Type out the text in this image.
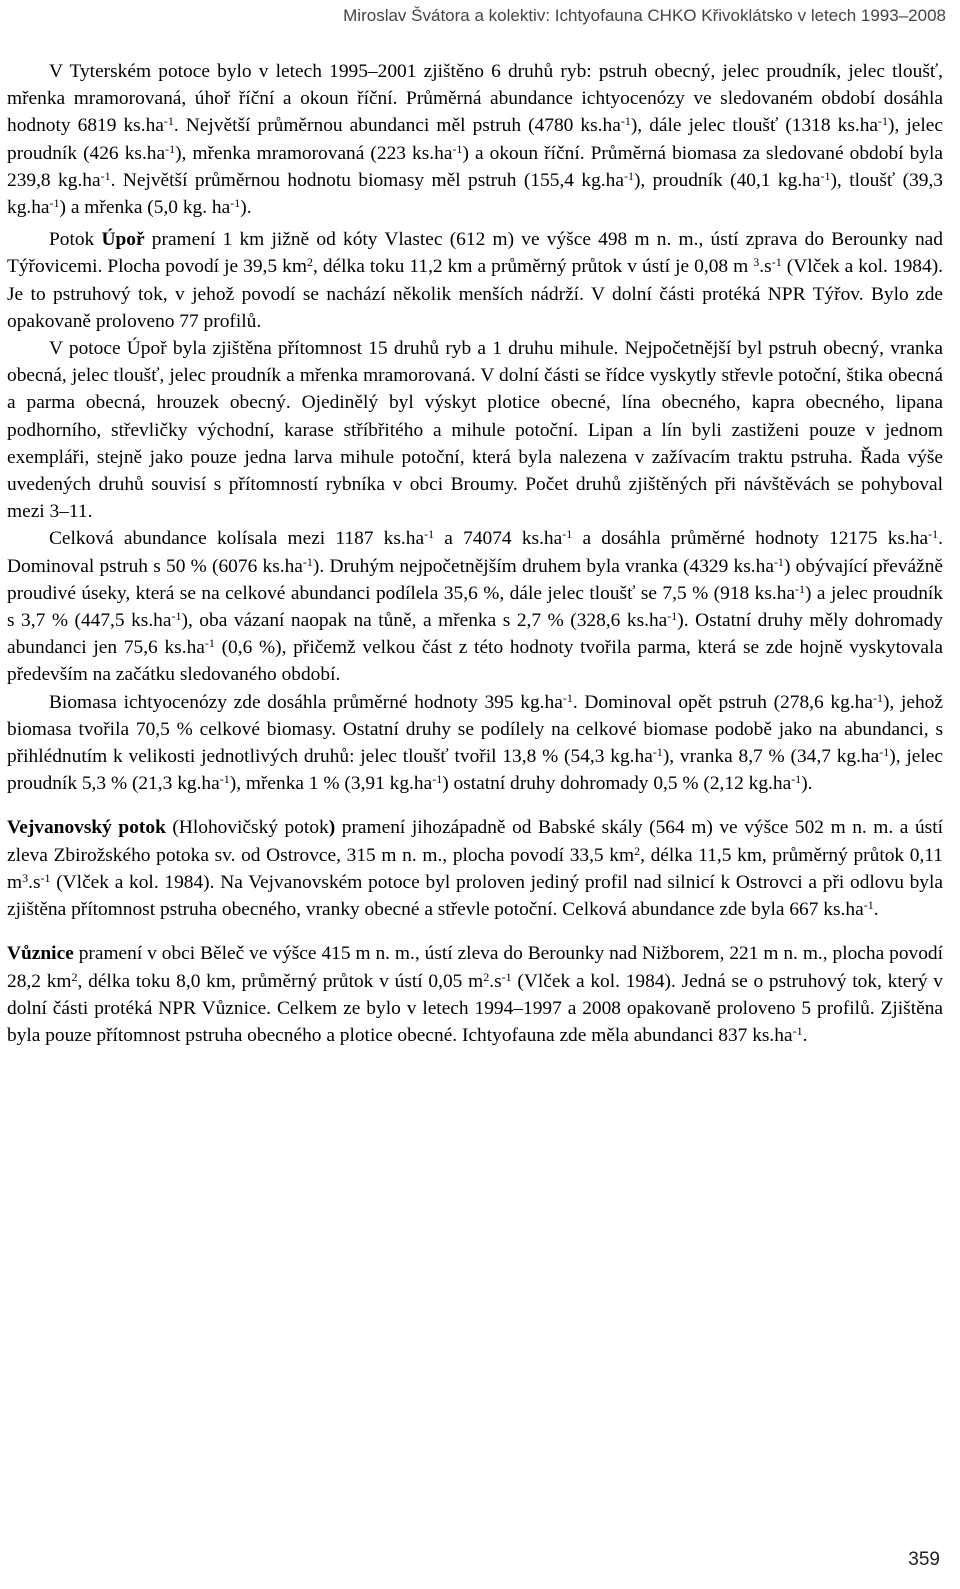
Miroslav Švátora a kolektiv: Ichtyofauna CHKO Křivoklátsko v letech 1993–2008

V Tyterském potoce bylo v letech 1995–2001 zjištěno 6 druhů ryb: pstruh obecný, jelec proudník, jelec tloušť, mřenka mramorovaná, úhoř říční a okoun říční. Průměrná abundance ichtyocenózy ve sledovaném období dosáhla hodnoty 6819 $ks.ha^{-1}$. Největší průměrnou abundanci měl pstruh (4780 $ks.ha^{-1}$), dále jelec tloušť (1318 $ks.ha^{-1}$), jelec proudník (426 $ks.ha^{-1}$), mřenka mramorovaná (223 $ks.ha^{-1}$) a okoun říční. Průměrná biomasa za sledované období byla 239,8 $kg.ha^{-1}$. Největší průměrnou hodnotu biomasy měl pstruh (155,4 $kg.ha^{-1}$), proudník (40,1 $kg.ha^{-1}$), tloušť (39,3 $kg.ha^{-1}$) a mřenka (5,0 kg. $ha^{-1}$).

Potok Úpoř pramení 1 km jižně od kóty Vlastec (612 m) ve výšce 498 m n. m., ústí zprava do Berounky nad Týřovicemi. Plocha povodí je 39,5 $km^2$, délka toku 11,2 km a průměrný průtok v ústí je 0,08 m $^3.s^{-1}$ (Vlček a kol. 1984). Je to pstruhový tok, v jehož povodí se nachází několik menších nádrží. V dolní části protéká NPR Týřov. Bylo zde opakovaně proloveno 77 profilů.

V potoce Úpoř byla zjištěna přítomnost 15 druhů ryb a 1 druhu mihule. Nejpočetnější byl pstruh obecný, vranka obecná, jelec tloušť, jelec proudník a mřenka mramorovaná. V dolní části se řídce vyskytly střevle potoční, štika obecná a parma obecná, hrouzek obecný. Ojedinělý byl výskyt plotice obecné, lína obecného, kapra obecného, lipana podhorního, střevličky východní, karase stříbřitého a mihule potoční. Lipan a lín byli zastiženi pouze v jednom exempláři, stejně jako pouze jedna larva mihule potoční, která byla nalezena v zažívacím traktu pstruha. Řada výše uvedených druhů souvisí s přítomností rybníka v obci Broumy. Počet druhů zjištěných při návštěvách se pohyboval mezi 3–11.

Celková abundance kolísala mezi 1187 $ks.ha^{-1}$ a 74074 $ks.ha^{-1}$ a dosáhla průměrné hodnoty 12175 $ks.ha^{-1}$. Dominoval pstruh s 50 % (6076 $ks.ha^{-1}$). Druhým nejpočetnějším druhem byla vranka (4329 $ks.ha^{-1}$) obývající převážně proudivé úseky, která se na celkové abundanci podílela 35,6 %, dále jelec tloušť se 7,5 % (918 $ks.ha^{-1}$) a jelec proudník s 3,7 % (447,5 $ks.ha^{-1}$), oba vázaní naopak na tůně, a mřenka s 2,7 % (328,6 $ks.ha^{-1}$). Ostatní druhy měly dohromady abundanci jen 75,6 $ks.ha^{-1}$ (0,6 %), přičemž velkou část z této hodnoty tvořila parma, která se zde hojně vyskytovala především na začátku sledovaného období.

Biomasa ichtyocenózy zde dosáhla průměrné hodnoty 395 $kg.ha^{-1}$. Dominoval opět pstruh (278,6 $kg.ha^{-1}$), jehož biomasa tvořila 70,5 % celkové biomasy. Ostatní druhy se podílely na celkové biomase podobě jako na abundanci, s přihlédnutím k velikosti jednotlivých druhů: jelec tloušť tvořil 13,8 % (54,3 $kg.ha^{-1}$), vranka 8,7 % (34,7 $kg.ha^{-1}$), jelec proudník 5,3 % (21,3 $kg.ha^{-1}$), mřenka 1 % (3,91 $kg.ha^{-1}$) ostatní druhy dohromady 0,5 % (2,12 $kg.ha^{-1}$).

Vejvanovský potok (Hlohovičský potok) pramení jihozápadně od Babské skály (564 m) ve výšce 502 m n. m. a ústí zleva Zbirožského potoka sv. od Ostrovce, 315 m n. m., plocha povodí 33,5 $km^2$, délka 11,5 km, průměrný průtok 0,11 $m^3.s^{-1}$ (Vlček a kol. 1984). Na Vejvanovském potoce byl proloven jediný profil nad silnicí k Ostrovci a při odlovu byla zjištěna přítomnost pstruha obecného, vranky obecné a střevle potoční. Celková abundance zde byla 667 $ks.ha^{-1}$.

Vůznice pramení v obci Běleč ve výšce 415 m n. m., ústí zleva do Berounky nad Nižborem, 221 m n. m., plocha povodí 28,2 $km^2$, délka toku 8,0 km, průměrný průtok v ústí 0,05 $m^2.s^{-1}$ (Vlček a kol. 1984). Jedná se o pstruhový tok, který v dolní části protéká NPR Vůznice. Celkem ze bylo v letech 1994–1997 a 2008 opakovaně proloveno 5 profilů. Zjištěna byla pouze přítomnost pstruha obecného a plotice obecné. Ichtyofauna zde měla abundanci 837 $ks.ha^{-1}$.

359
